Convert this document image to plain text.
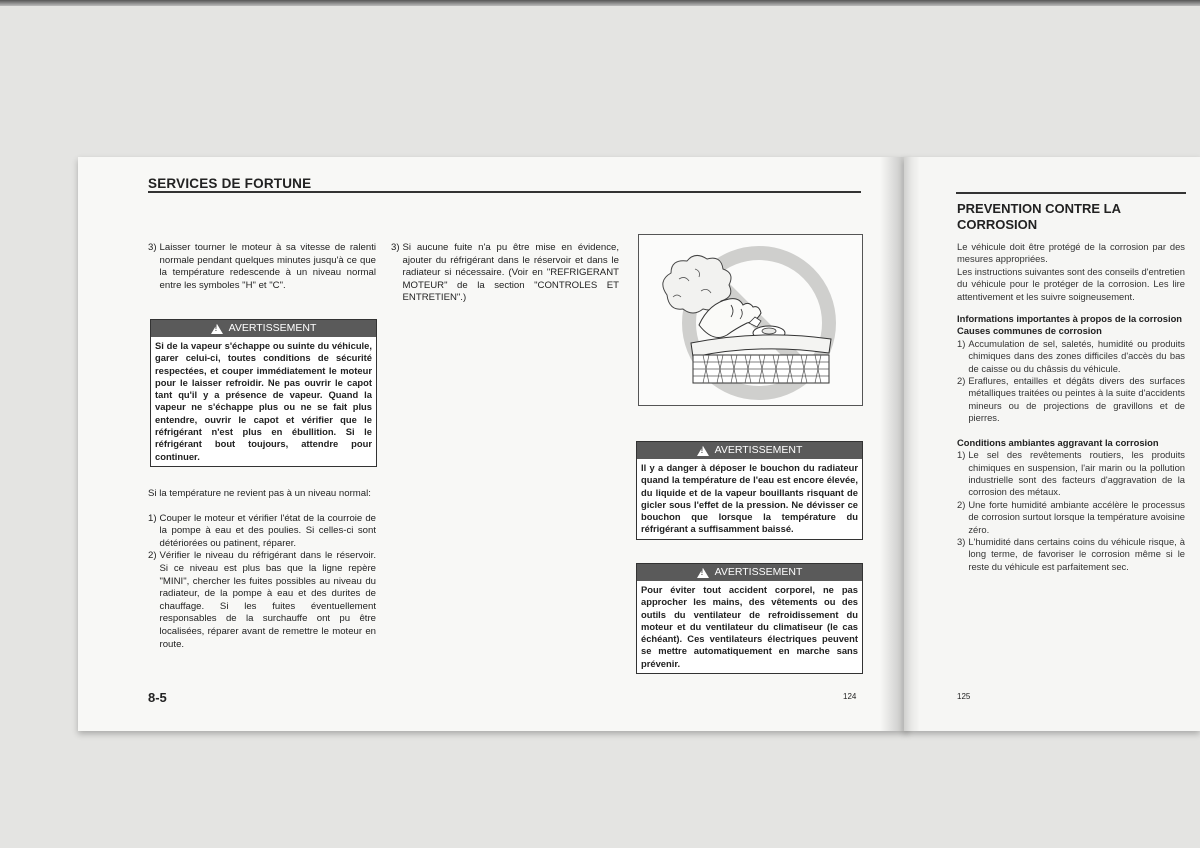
SERVICES DE FORTUNE
3) Laisser tourner le moteur à sa vitesse de ralenti normale pendant quelques minutes jusqu'à ce que la température redescende à un niveau normal entre les symboles "H" et "C".
!
AVERTISSEMENT
Si de la vapeur s'échappe ou suinte du véhicule, garer celui-ci, toutes conditions de sécurité respectées, et couper immédiatement le moteur pour le laisser refroidir. Ne pas ouvrir le capot tant qu'il y a présence de vapeur. Quand la vapeur ne s'échappe plus ou ne se fait plus entendre, ouvrir le capot et vérifier que le réfrigérant n'est plus en ébullition. Si le réfrigérant bout toujours, attendre pour continuer.
Si la température ne revient pas à un niveau normal:
1) Couper le moteur et vérifier l'état de la courroie de la pompe à eau et des poulies. Si celles-ci sont détériorées ou patinent, réparer.
2) Vérifier le niveau du réfrigérant dans le réservoir. Si ce niveau est plus bas que la ligne repère "MINI", chercher les fuites possibles au niveau du radiateur, de la pompe à eau et des durites de chauffage. Si les fuites éventuellement responsables de la surchauffe ont pu être localisées, réparer avant de remettre le moteur en route.
3) Si aucune fuite n'a pu être mise en évidence, ajouter du réfrigérant dans le réservoir et dans le radiateur si nécessaire. (Voir en "REFRIGERANT MOTEUR" de la section "CONTROLES ET ENTRETIEN".)
!
AVERTISSEMENT
Il y a danger à déposer le bouchon du radiateur quand la température de l'eau est encore élevée, du liquide et de la vapeur bouillants risquant de gicler sous l'effet de la pression. Ne dévisser ce bouchon que lorsque la température du réfrigérant a suffisamment baissé.
!
AVERTISSEMENT
Pour éviter tout accident corporel, ne pas approcher les mains, des vêtements ou des outils du ventilateur de refroidissement du moteur et du ventilateur du climatiseur (le cas échéant). Ces ventilateurs électriques peuvent se mettre automatiquement en marche sans prévenir.
8-5	124
PREVENTION CONTRE LA CORROSION
Le véhicule doit être protégé de la corrosion par des mesures appropriées.
Les instructions suivantes sont des conseils d'entretien du véhicule pour le protéger de la corrosion. Les lire attentivement et les suivre soigneusement.
Informations importantes à propos de la corrosion
Causes communes de corrosion
1) Accumulation de sel, saletés, humidité ou produits chimiques dans des zones difficiles d'accès du bas de caisse ou du châssis du véhicule.
2) Eraflures, entailles et dégâts divers des surfaces métalliques traitées ou peintes à la suite d'accidents mineurs ou de projections de gravillons et de pierres.
Conditions ambiantes aggravant la corrosion
1) Le sel des revêtements routiers, les produits chimiques en suspension, l'air marin ou la pollution industrielle sont des facteurs d'aggravation de la corrosion des métaux.
2) Une forte humidité ambiante accélère le processus de corrosion surtout lorsque la température avoisine zéro.
3) L'humidité dans certains coins du véhicule risque, à long terme, de favoriser le corrosion même si le reste du véhicule est parfaitement sec.
125
